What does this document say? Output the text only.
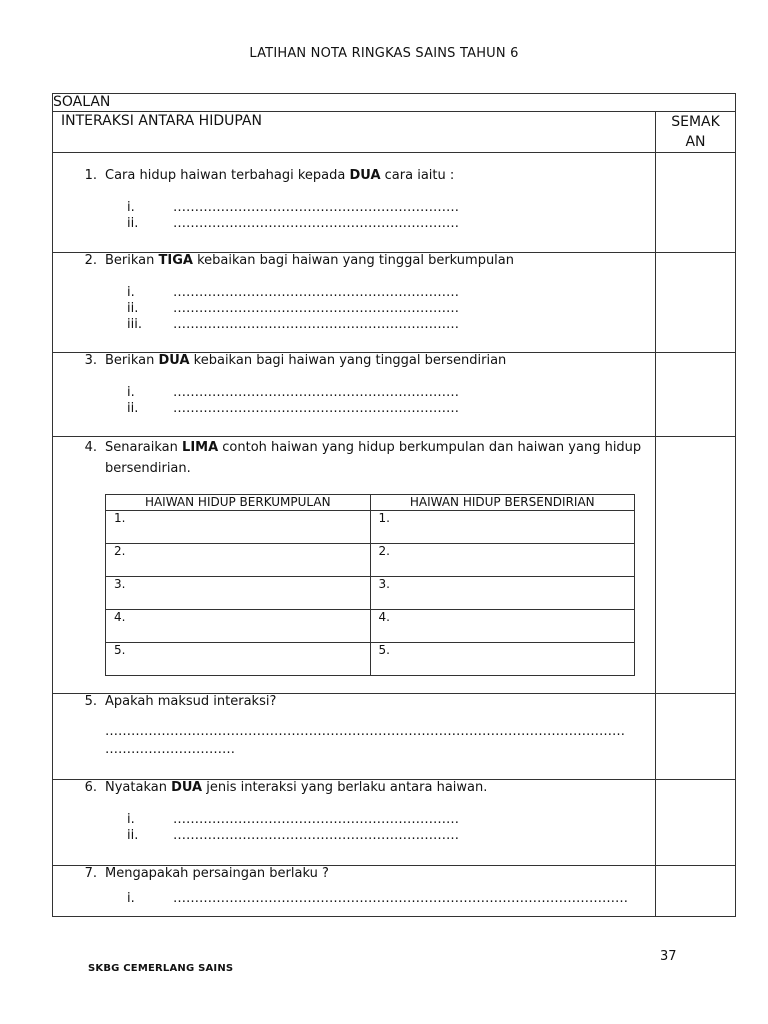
LATIHAN NOTA RINGKAS SAINS TAHUN 6
SOALAN
INTERAKSI ANTARA HIDUPAN	SEMAK
AN

1. Cara hidup haiwan terbahagi kepada DUA cara iaitu :
i.	…………………………………………………………
ii.	…………………………………………………………

2. Berikan TIGA kebaikan bagi haiwan yang tinggal berkumpulan
i.	…………………………………………………………
ii.	…………………………………………………………
iii.	…………………………………………………………

3. Berikan DUA kebaikan bagi haiwan yang tinggal bersendirian
i.	…………………………………………………………
ii.	…………………………………………………………

4. Senaraikan LIMA contoh haiwan yang hidup berkumpulan dan haiwan yang hidup bersendirian.
HAIWAN HIDUP BERKUMPULAN	HAIWAN HIDUP BERSENDIRIAN
1.	1.
2.	2.
3.	3.
4.	4.
5.	5.

5. Apakah maksud interaksi?
…………………………………………………………………………………………………………
…………………………

6. Nyatakan DUA jenis interaksi yang berlaku antara haiwan.
i.	…………………………………………………………
ii.	…………………………………………………………

7. Mengapakah persaingan berlaku ?
i.	……………………………………………………………………………………………

37
SKBG CEMERLANG SAINS
